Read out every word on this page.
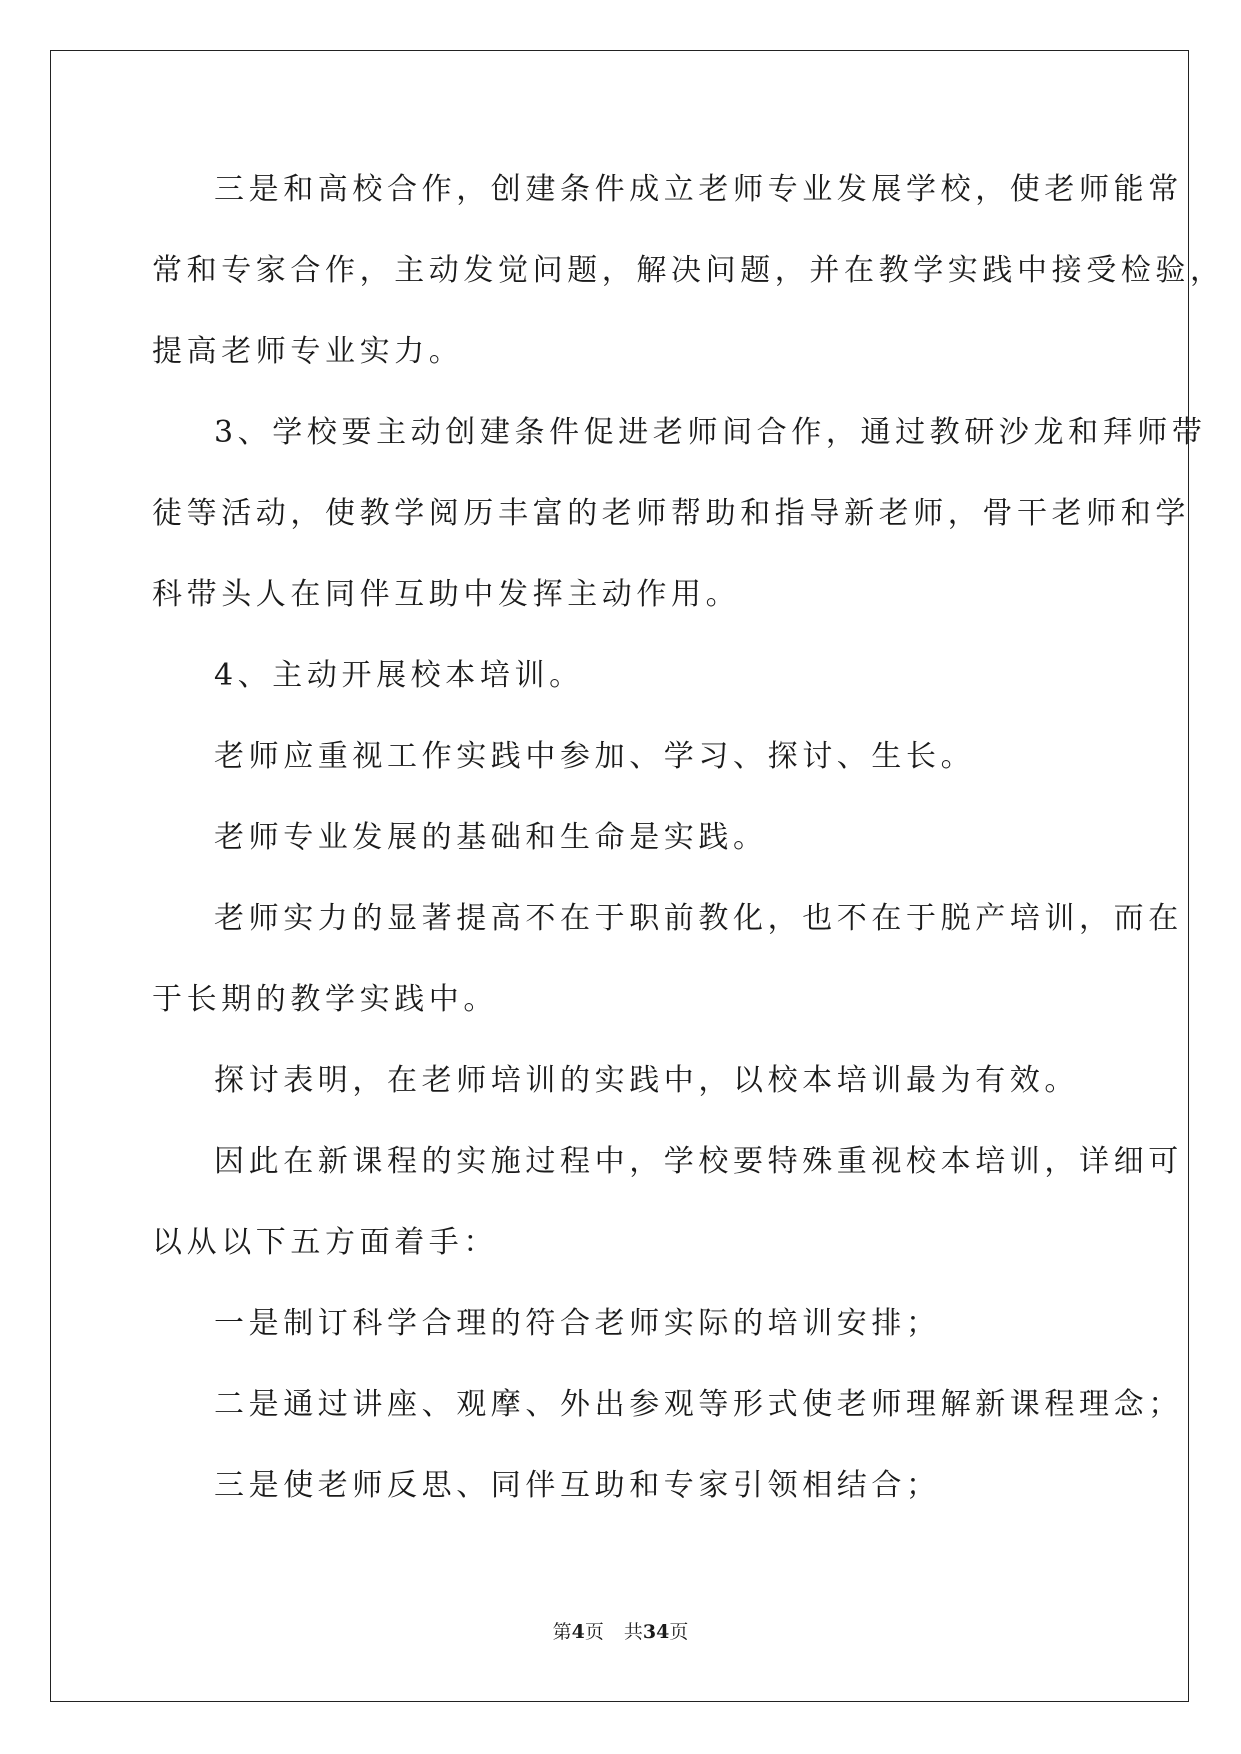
三是和高校合作，创建条件成立老师专业发展学校，使老师能常
常和专家合作，主动发觉问题，解决问题，并在教学实践中接受检验，
提高老师专业实力。
3、学校要主动创建条件促进老师间合作，通过教研沙龙和拜师带
徒等活动，使教学阅历丰富的老师帮助和指导新老师，骨干老师和学
科带头人在同伴互助中发挥主动作用。
4、主动开展校本培训。
老师应重视工作实践中参加、学习、探讨、生长。
老师专业发展的基础和生命是实践。
老师实力的显著提高不在于职前教化，也不在于脱产培训，而在
于长期的教学实践中。
探讨表明，在老师培训的实践中，以校本培训最为有效。
因此在新课程的实施过程中，学校要特殊重视校本培训，详细可
以从以下五方面着手：
一是制订科学合理的符合老师实际的培训安排；
二是通过讲座、观摩、外出参观等形式使老师理解新课程理念；
三是使老师反思、同伴互助和专家引领相结合；
第4页 共34页
